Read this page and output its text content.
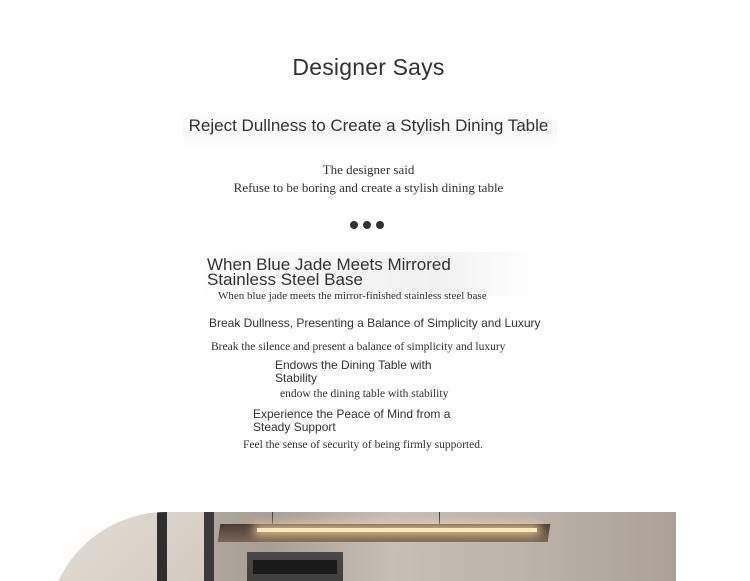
Designer Says
Reject Dullness to Create a Stylish Dining Table
The designer said
Refuse to be boring and create a stylish dining table
When Blue Jade Meets Mirrored
Stainless Steel Base
When blue jade meets the mirror-finished stainless steel base
Break Dullness, Presenting a Balance of Simplicity and Luxury
Break the silence and present a balance of simplicity and luxury
Endows the Dining Table with
Stability
endow the dining table with stability
Experience the Peace of Mind from a
Steady Support
Feel the sense of security of being firmly supported.
